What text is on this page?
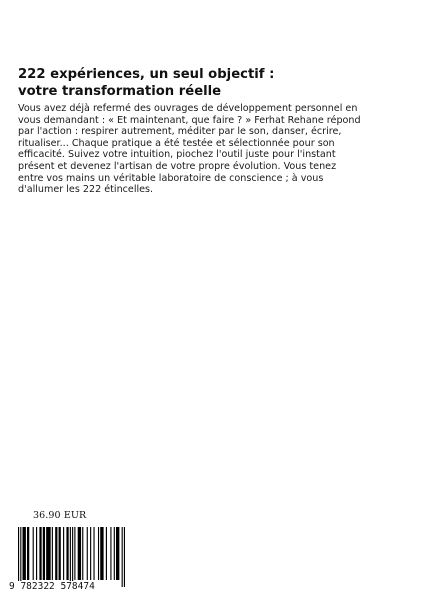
222 expériences, un seul objectif :
votre transformation réelle

Vous avez déjà refermé des ouvrages de développement personnel en
vous demandant : « Et maintenant, que faire ? » Ferhat Rehane répond
par l'action : respirer autrement, méditer par le son, danser, écrire,
ritualiser... Chaque pratique a été testée et sélectionnée pour son
efficacité. Suivez votre intuition, piochez l'outil juste pour l'instant
présent et devenez l'artisan de votre propre évolution. Vous tenez
entre vos mains un véritable laboratoire de conscience ; à vous
d'allumer les 222 étincelles.

36.90 EUR
9 782322 578474
